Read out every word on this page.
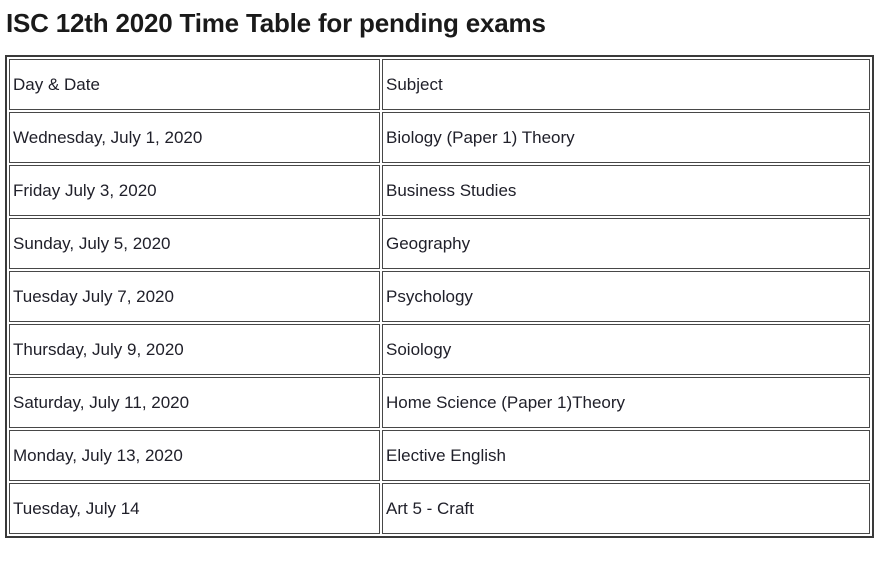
ISC 12th 2020 Time Table for pending exams
Day & Date	Subject
Wednesday, July 1, 2020	Biology (Paper 1) Theory
Friday July 3, 2020	Business Studies
Sunday, July 5, 2020	Geography
Tuesday July 7, 2020	Psychology
Thursday, July 9, 2020	Soiology
Saturday, July 11, 2020	Home Science (Paper 1)Theory
Monday, July 13, 2020	Elective English
Tuesday, July 14	Art 5 - Craft
